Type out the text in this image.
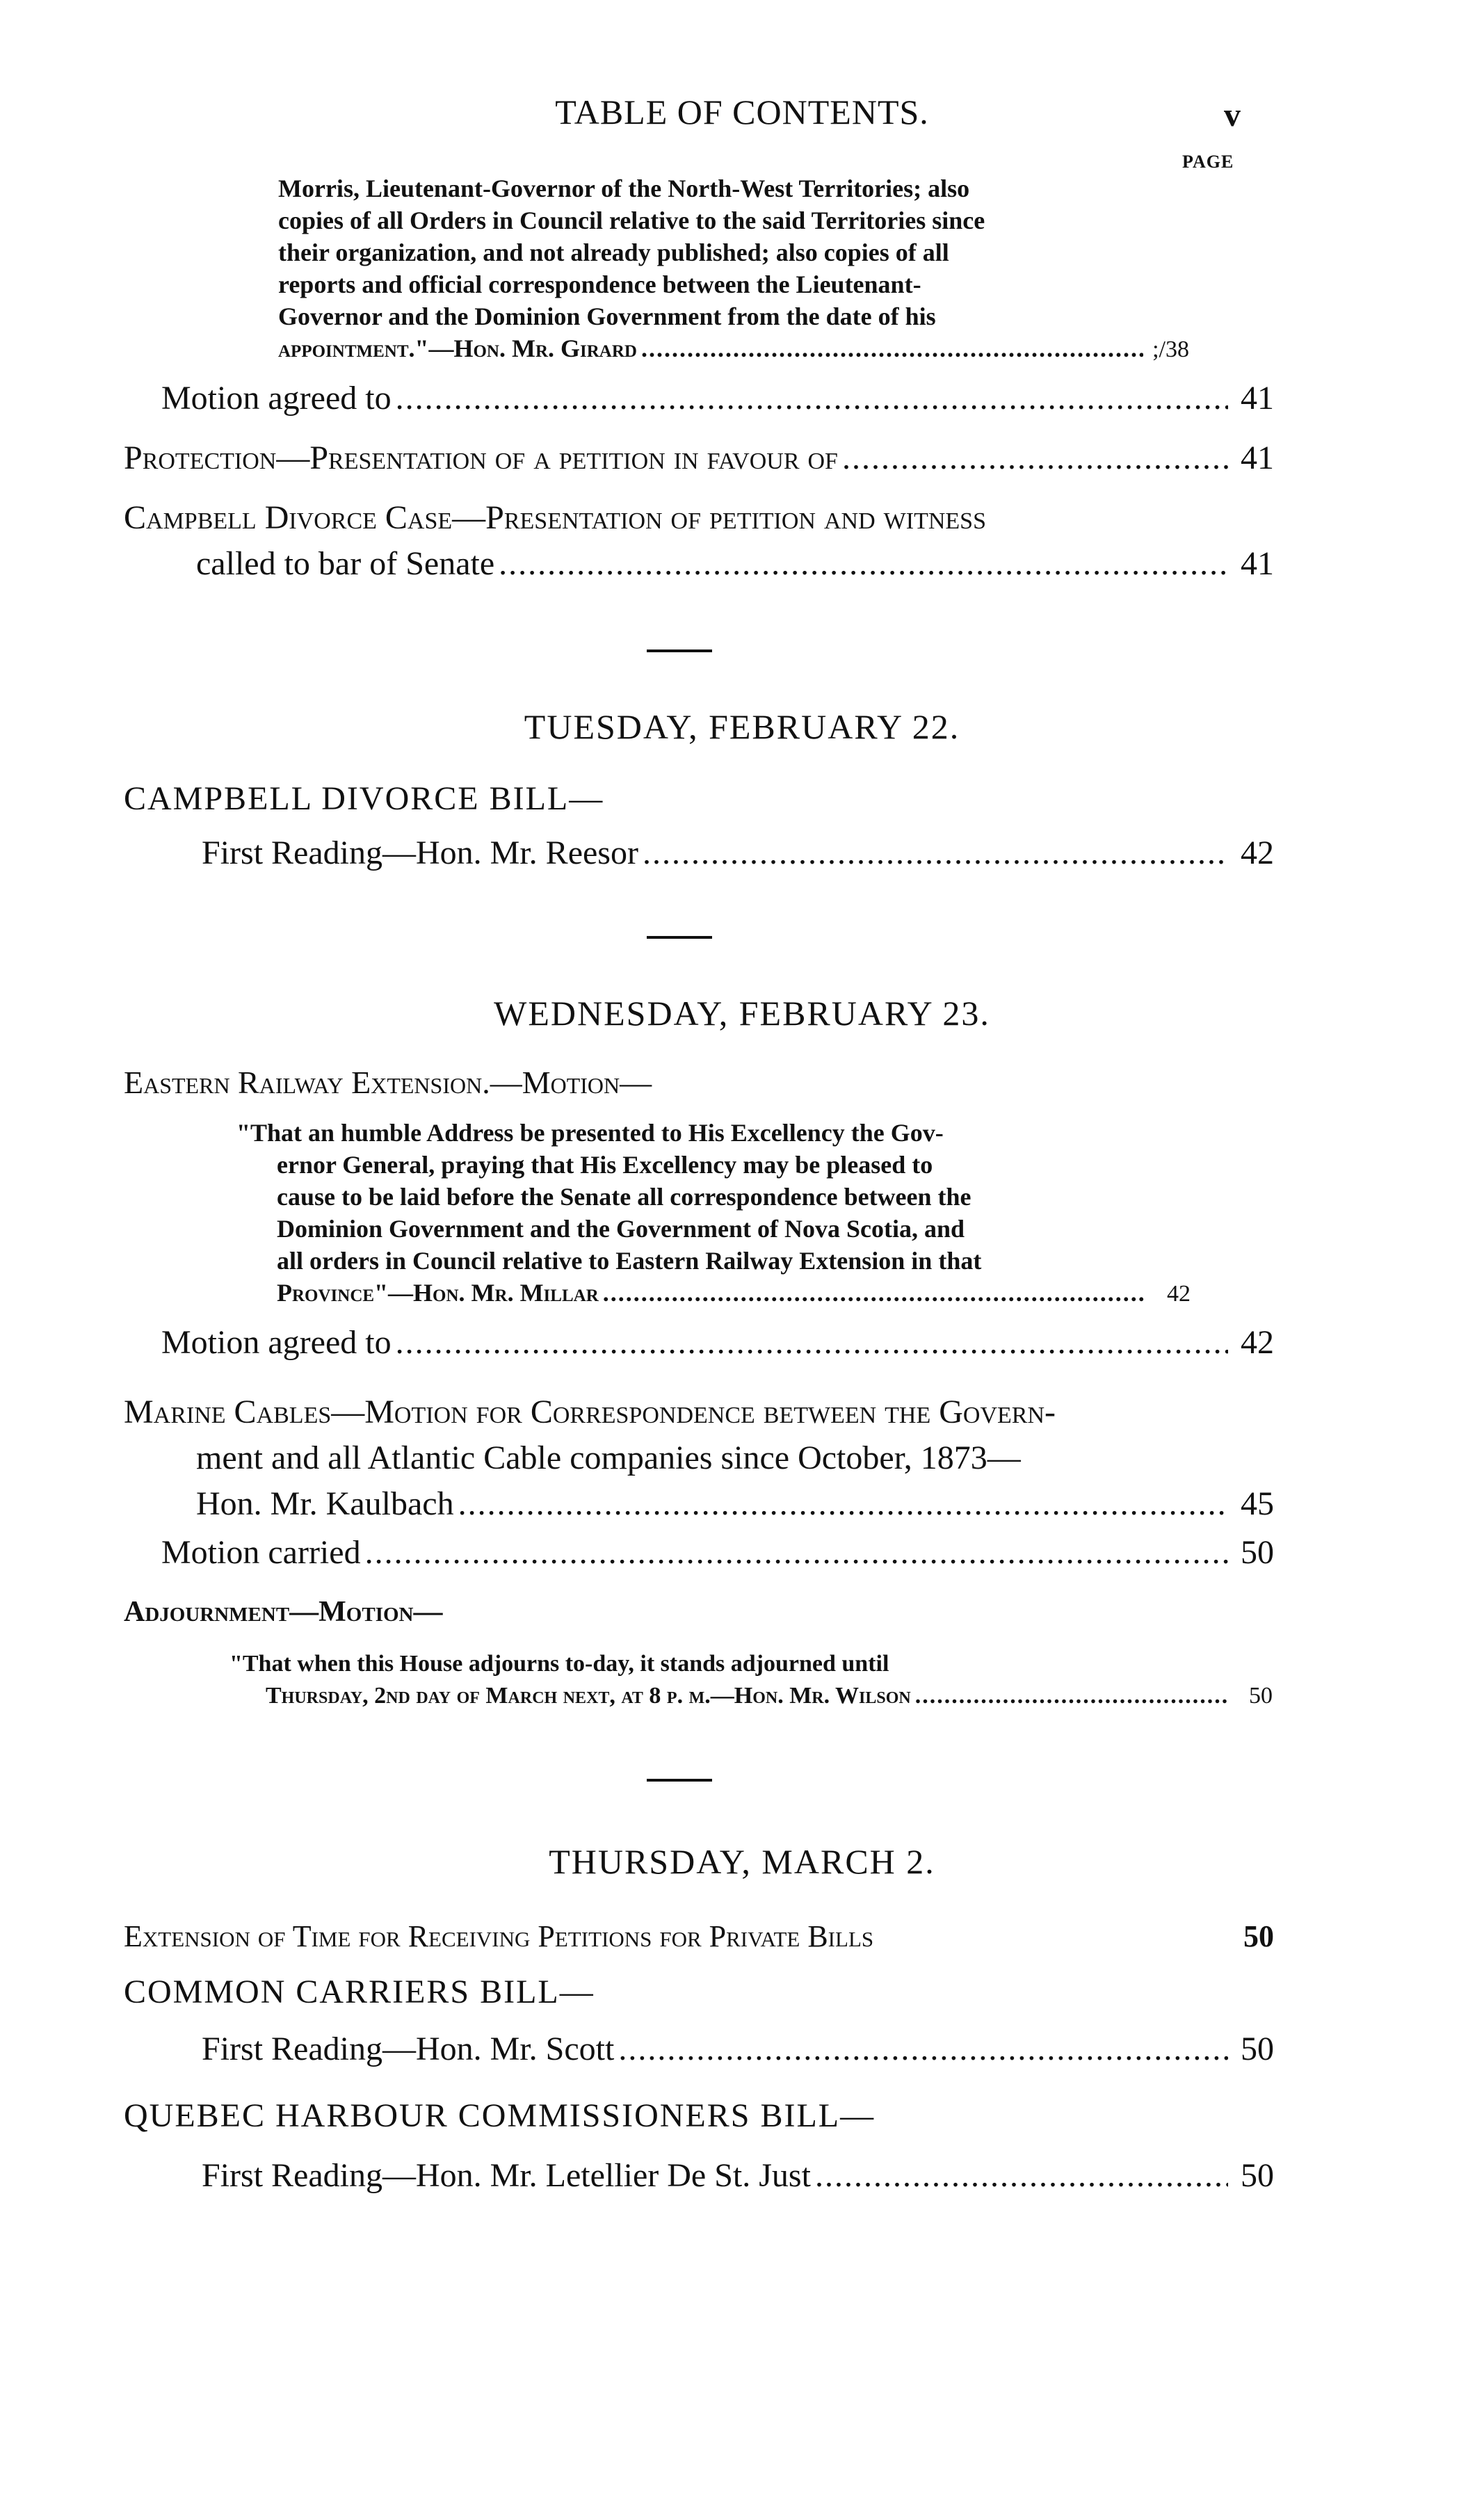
TABLE OF CONTENTS.	v
PAGE
Morris, Lieutenant-Governor of the North-West Territories; also
copies of all Orders in Council relative to the said Territories since
their organization, and not already published; also copies of all
reports and official correspondence between the Lieutenant-
Governor and the Dominion Government from the date of his
appointment."—Hon. Mr. Girard .....	;/38
Motion agreed to .....	41
Protection—Presentation of a petition in favour of .....	41
Campbell Divorce Case—Presentation of petition and witness
called to bar of Senate .....	41
TUESDAY, FEBRUARY 22.
CAMPBELL DIVORCE BILL—
First Reading—Hon. Mr. Reesor .....	42
WEDNESDAY, FEBRUARY 23.
Eastern Railway Extension.—Motion—
"That an humble Address be presented to His Excellency the Gov-
ernor General, praying that His Excellency may be pleased to
cause to be laid before the Senate all correspondence between the
Dominion Government and the Government of Nova Scotia, and
all orders in Council relative to Eastern Railway Extension in that
Province"—Hon. Mr. Millar .....	42
Motion agreed to .....	42
Marine Cables—Motion for Correspondence between the Govern-
ment and all Atlantic Cable companies since October, 1873—
Hon. Mr. Kaulbach .....	45
Motion carried .....	50
Adjournment—Motion—
"That when this House adjourns to-day, it stands adjourned until
Thursday, 2nd day of March next, at 8 p. m.—Hon. Mr. Wilson .....	50
THURSDAY, MARCH 2.
Extension of Time for Receiving Petitions for Private Bills	50
COMMON CARRIERS BILL—
First Reading—Hon. Mr. Scott .....	50
QUEBEC HARBOUR COMMISSIONERS BILL—
First Reading—Hon. Mr. Letellier De St. Just .....	50
